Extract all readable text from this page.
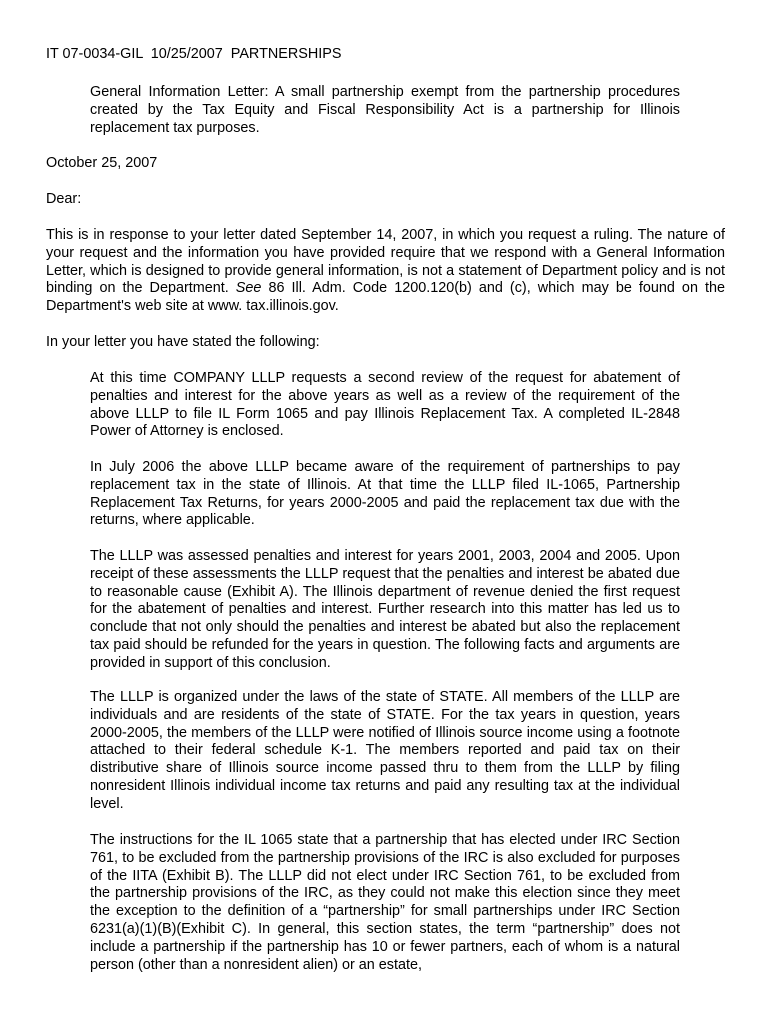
IT 07-0034-GIL  10/25/2007  PARTNERSHIPS
General Information Letter: A small partnership exempt from the partnership procedures created by the Tax Equity and Fiscal Responsibility Act is a partnership for Illinois replacement tax purposes.
October 25, 2007
Dear:
This is in response to your letter dated September 14, 2007, in which you request a ruling. The nature of your request and the information you have provided require that we respond with a General Information Letter, which is designed to provide general information, is not a statement of Department policy and is not binding on the Department. See 86 Ill. Adm. Code 1200.120(b) and (c), which may be found on the Department's web site at www. tax.illinois.gov.
In your letter you have stated the following:
At this time COMPANY LLLP requests a second review of the request for abatement of penalties and interest for the above years as well as a review of the requirement of the above LLLP to file IL Form 1065 and pay Illinois Replacement Tax. A completed IL-2848 Power of Attorney is enclosed.
In July 2006 the above LLLP became aware of the requirement of partnerships to pay replacement tax in the state of Illinois. At that time the LLLP filed IL-1065, Partnership Replacement Tax Returns, for years 2000-2005 and paid the replacement tax due with the returns, where applicable.
The LLLP was assessed penalties and interest for years 2001, 2003, 2004 and 2005. Upon receipt of these assessments the LLLP request that the penalties and interest be abated due to reasonable cause (Exhibit A). The Illinois department of revenue denied the first request for the abatement of penalties and interest. Further research into this matter has led us to conclude that not only should the penalties and interest be abated but also the replacement tax paid should be refunded for the years in question. The following facts and arguments are provided in support of this conclusion.
The LLLP is organized under the laws of the state of STATE. All members of the LLLP are individuals and are residents of the state of STATE. For the tax years in question, years 2000-2005, the members of the LLLP were notified of Illinois source income using a footnote attached to their federal schedule K-1. The members reported and paid tax on their distributive share of Illinois source income passed thru to them from the LLLP by filing nonresident Illinois individual income tax returns and paid any resulting tax at the individual level.
The instructions for the IL 1065 state that a partnership that has elected under IRC Section 761, to be excluded from the partnership provisions of the IRC is also excluded for purposes of the IITA (Exhibit B). The LLLP did not elect under IRC Section 761, to be excluded from the partnership provisions of the IRC, as they could not make this election since they meet the exception to the definition of a “partnership” for small partnerships under IRC Section 6231(a)(1)(B)(Exhibit C). In general, this section states, the term “partnership” does not include a partnership if the partnership has 10 or fewer partners, each of whom is a natural person (other than a nonresident alien) or an estate,
